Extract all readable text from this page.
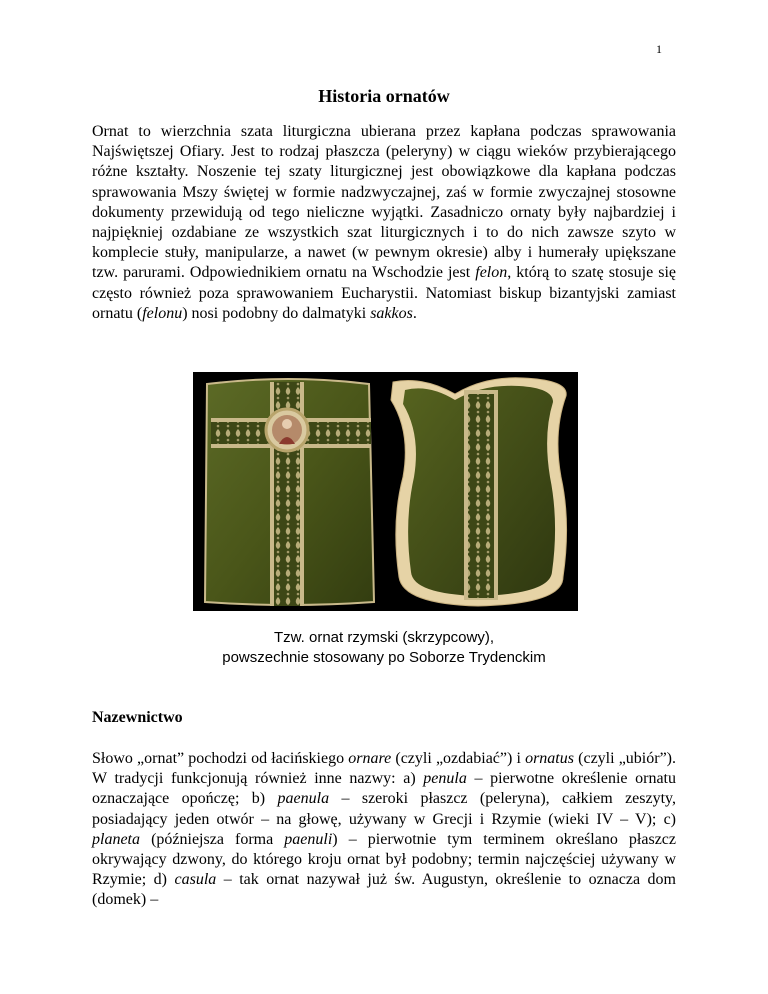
1
Historia ornatów

Ornat to wierzchnia szata liturgiczna ubierana przez kapłana podczas sprawowania Najświętszej Ofiary. Jest to rodzaj płaszcza (peleryny) w ciągu wieków przybierającego różne kształty. Noszenie tej szaty liturgicznej jest obowiązkowe dla kapłana podczas sprawowania Mszy świętej w formie nadzwyczajnej, zaś w formie zwyczajnej stosowne dokumenty przewidują od tego nieliczne wyjątki. Zasadniczo ornaty były najbardziej i najpiękniej ozdabiane ze wszystkich szat liturgicznych i to do nich zawsze szyto w komplecie stuły, manipularze, a nawet (w pewnym okresie) alby i humerały upiększane tzw. parurami. Odpowiednikiem ornatu na Wschodzie jest felon, którą to szatę stosuje się często również poza sprawowaniem Eucharystii. Natomiast biskup bizantyjski zamiast ornatu (felonu) nosi podobny do dalmatyki sakkos.

Tzw. ornat rzymski (skrzypcowy),
powszechnie stosowany po Soborze Trydenckim
Nazewnictwo

Słowo „ornat” pochodzi od łacińskiego ornare (czyli „ozdabiać”) i ornatus (czyli „ubiór”). W tradycji funkcjonują również inne nazwy: a) penula – pierwotne określenie ornatu oznaczające opończę; b) paenula – szeroki płaszcz (peleryna), całkiem zeszyty, posiadający jeden otwór – na głowę, używany w Grecji i Rzymie (wieki IV – V); c) planeta (późniejsza forma paenuli) – pierwotnie tym terminem określano płaszcz okrywający dzwony, do którego kroju ornat był podobny; termin najczęściej używany w Rzymie; d) casula – tak ornat nazywał już św. Augustyn, określenie to oznacza dom (domek) –
